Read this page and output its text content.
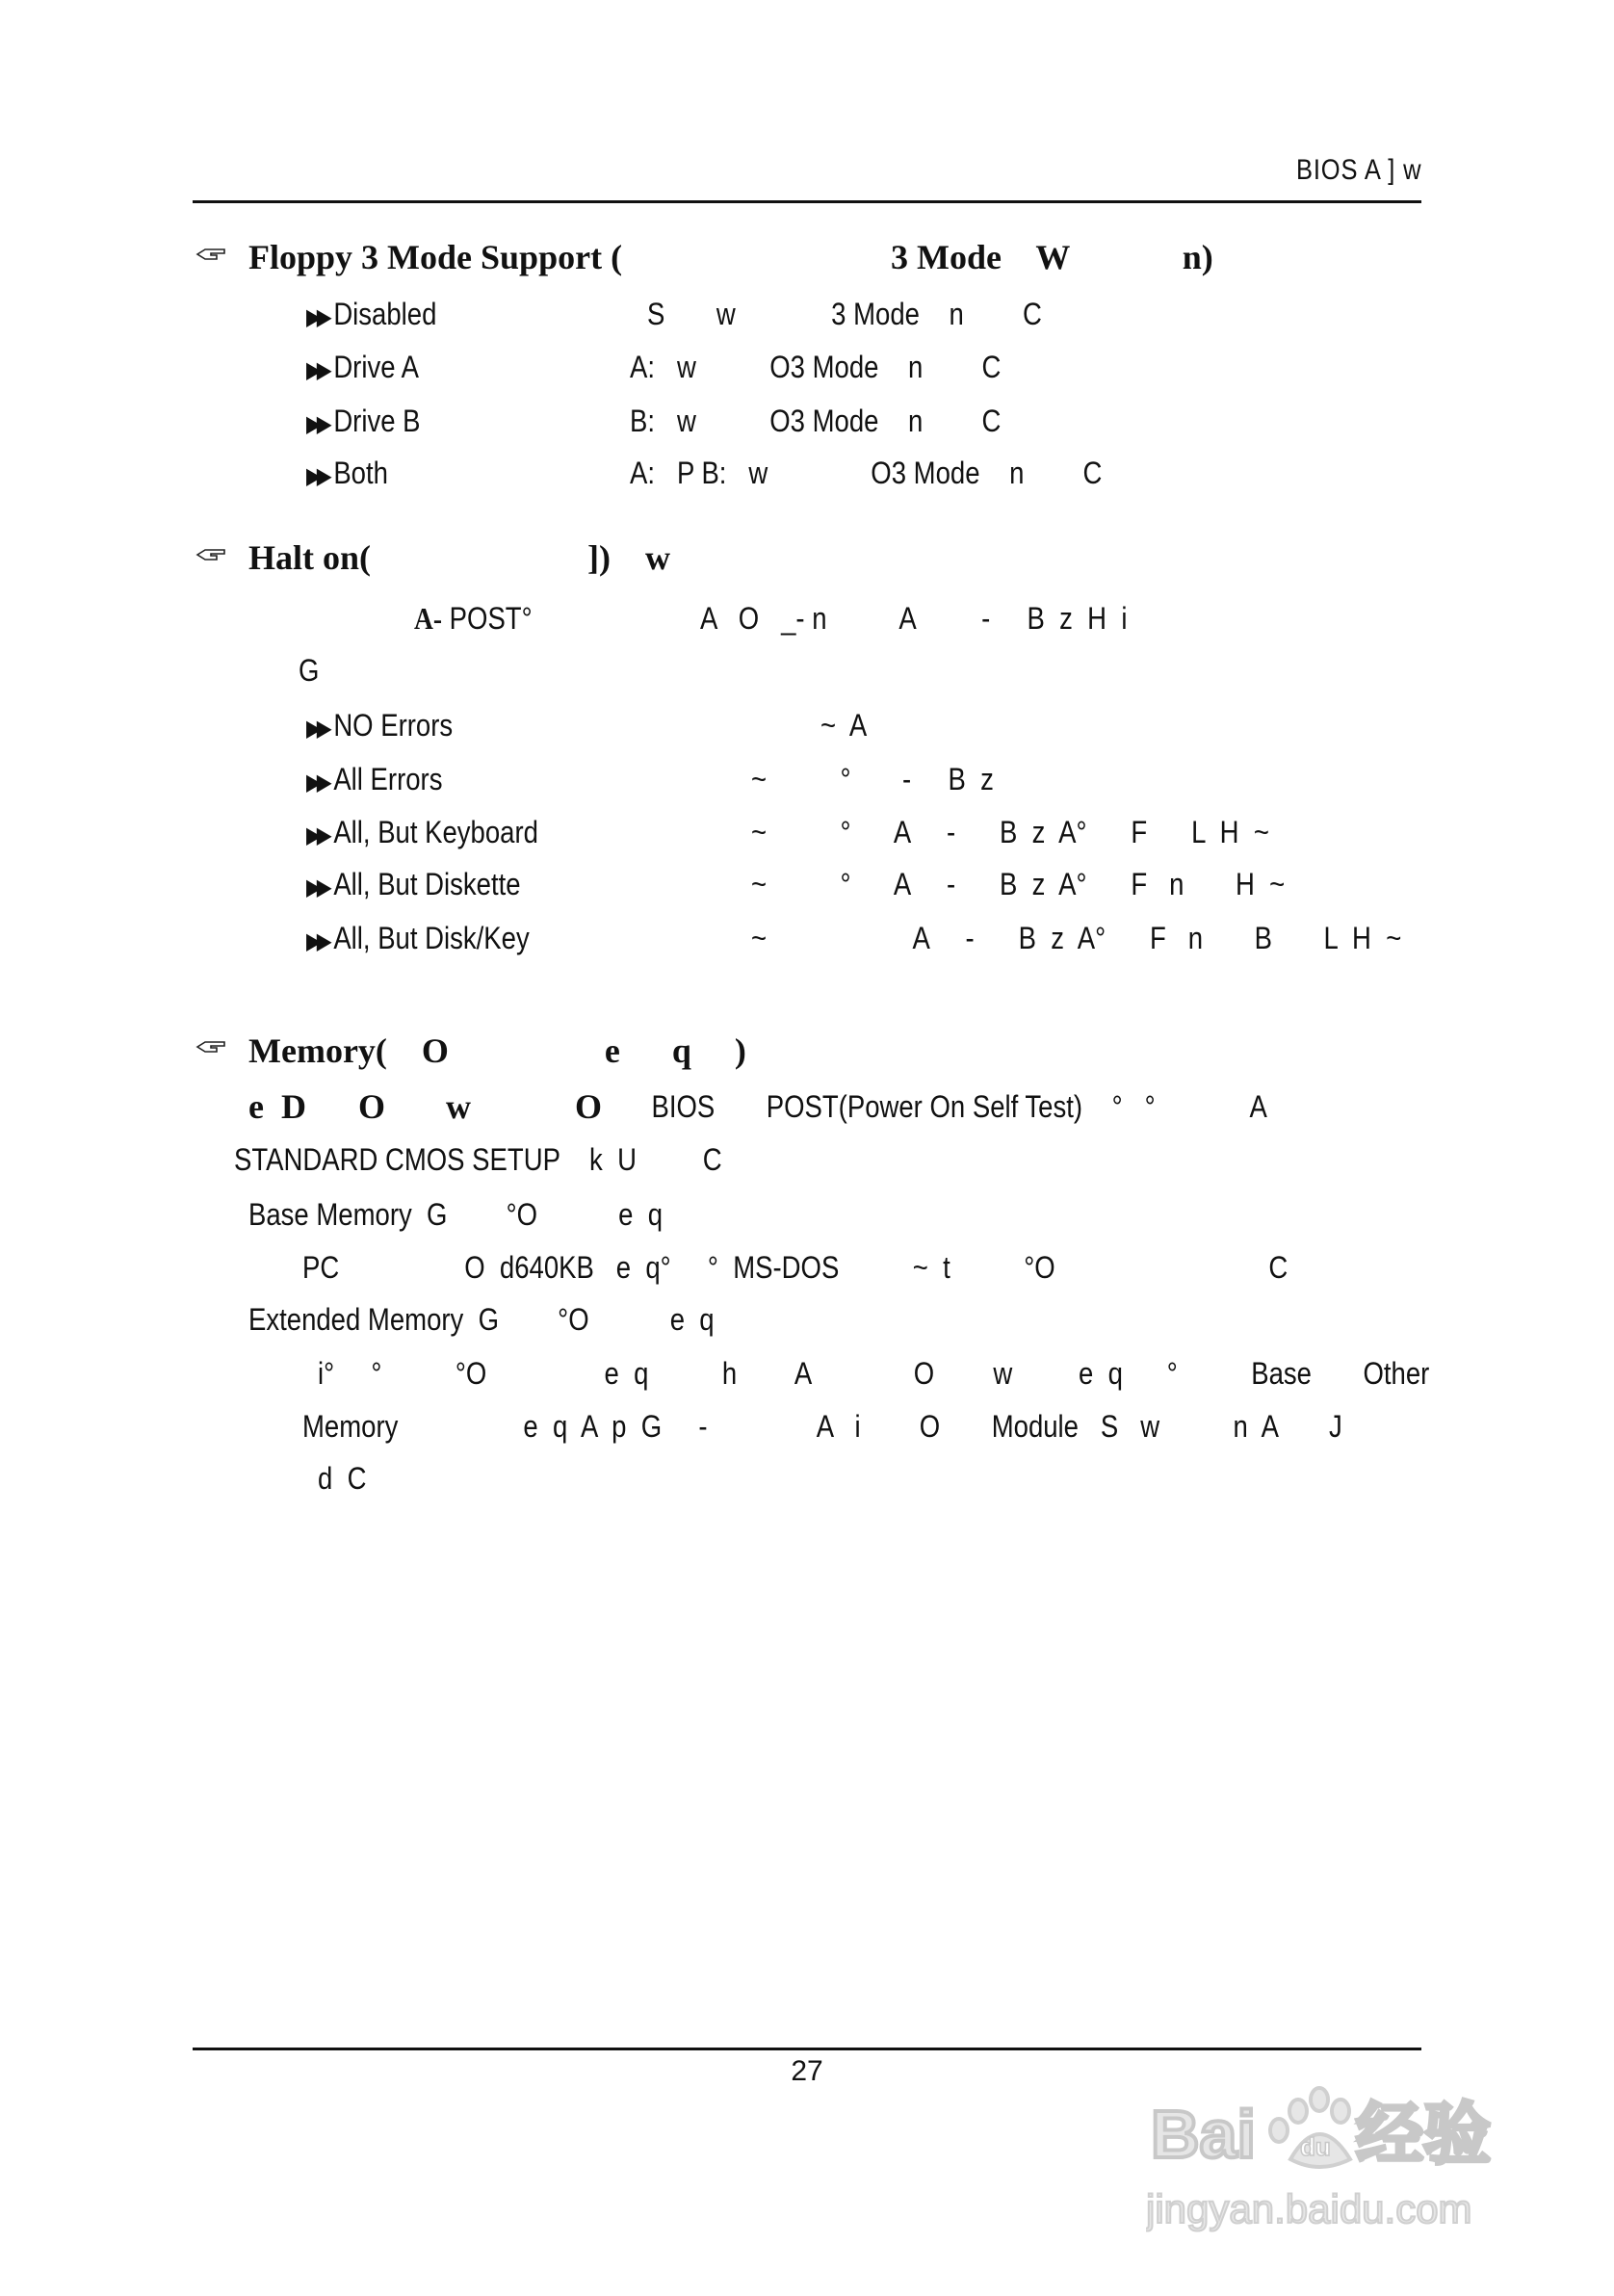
BIOS A ] w
Floppy 3 Mode Support (                               3 Mode    W             n)
▶▶ Disabled	S       w             3 Mode    n        C
▶▶ Drive A	A:   w          O3 Mode    n        C
▶▶ Drive B	B:   w          O3 Mode    n        C
▶▶ Both	A:   P B:   w              O3 Mode    n        C
Halt on(                         ])    w
A- POST°                       A   O   _- n          A         -     B  z  H  i
G
▶▶ NO Errors	~  A
▶▶ All Errors	~          °       -     B  z
▶▶ All, But Keyboard	~          °      A     -      B  z  A°      F      L  H  ~
▶▶ All, But Diskette	~          °      A     -      B  z  A°      F   n       H  ~
▶▶ All, But Disk/Key	~                    A     -      B  z  A°      F   n       B       L  H  ~
Memory(    O                  e      q     )
e  D      O       w            O
BIOS       POST(Power On Self Test)    °   °             A
STANDARD CMOS SETUP    k  U         C
Base Memory  G        °O           e  q
PC                 O  d640KB   e  q°     °  MS-DOS          ~  t          °O                             C
Extended Memory  G        °O           e  q
i°     °          °O                e  q          h        A              O        w         e  q      °          Base       Other
Memory                 e  q  A  p  G     -               A   i        O       Module   S   w          n  A       J
d  C
27
Bai 经验
jingyan.baidu.com
du
